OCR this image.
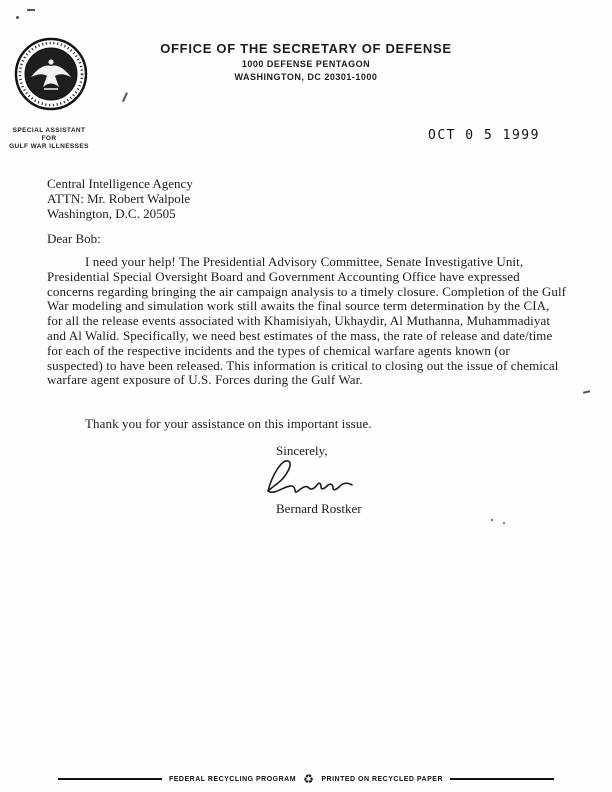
SPECIAL ASSISTANT
FOR
GULF WAR ILLNESSES
OFFICE OF THE SECRETARY OF DEFENSE
1000 DEFENSE PENTAGON
WASHINGTON, DC 20301-1000
OCT 0 5 1999
Central Intelligence Agency
ATTN: Mr. Robert Walpole
Washington, D.C. 20505
Dear Bob:
I need your help! The Presidential Advisory Committee, Senate Investigative Unit, Presidential Special Oversight Board and Government Accounting Office have expressed concerns regarding bringing the air campaign analysis to a timely closure. Completion of the Gulf War modeling and simulation work still awaits the final source term determination by the CIA, for all the release events associated with Khamisiyah, Ukhaydir, Al Muthanna, Muhammadiyat and Al Walid. Specifically, we need best estimates of the mass, the rate of release and date/time for each of the respective incidents and the types of chemical warfare agents known (or suspected) to have been released. This information is critical to closing out the issue of chemical warfare agent exposure of U.S. Forces during the Gulf War.
Thank you for your assistance on this important issue.
Sincerely,
Bernard Rostker
FEDERAL RECYCLING PROGRAM ♻ PRINTED ON RECYCLED PAPER
